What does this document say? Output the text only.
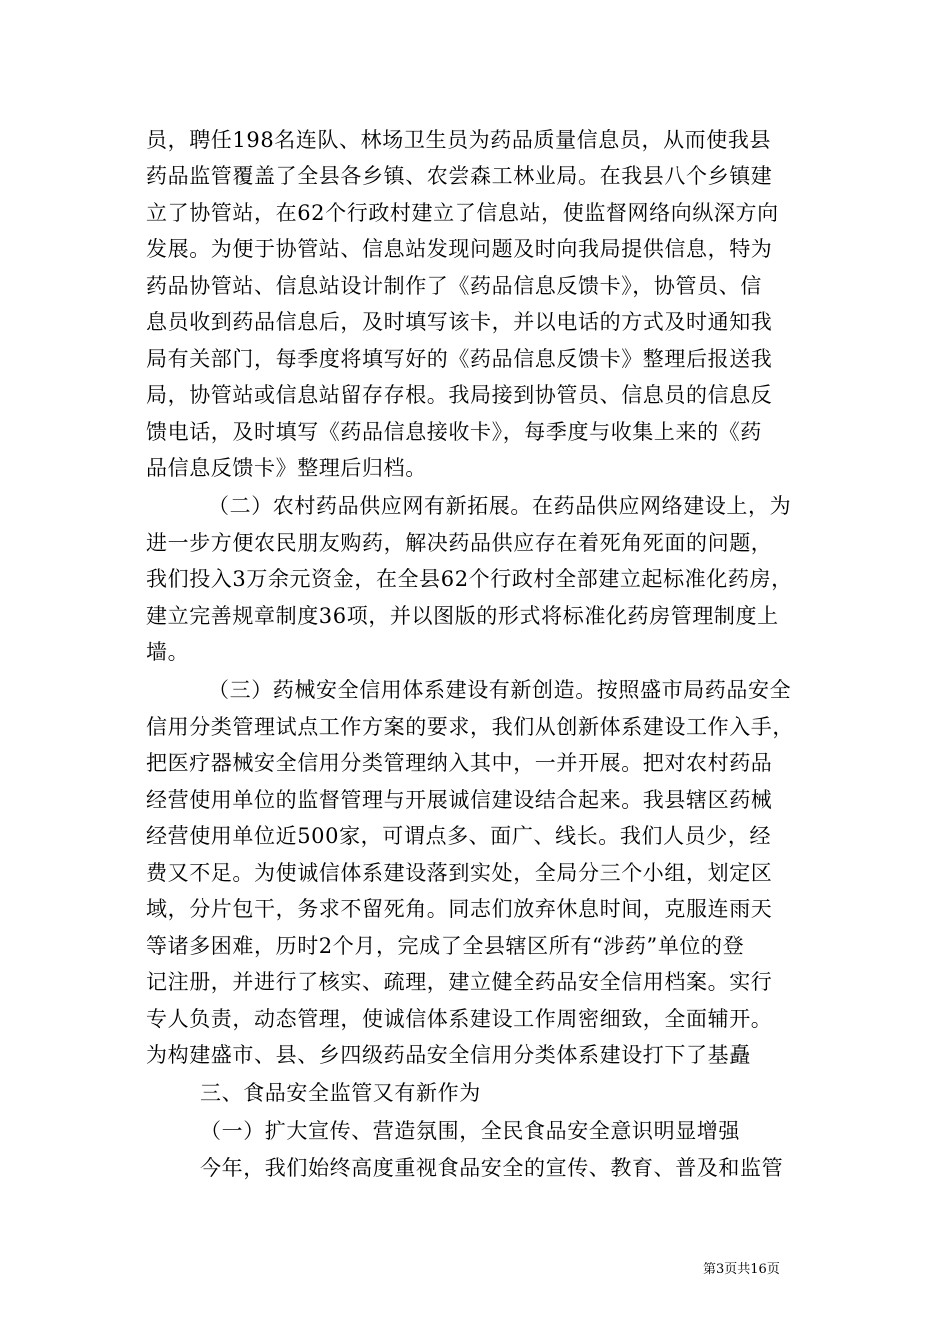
员，聘任198名连队、林场卫生员为药品质量信息员，从而使我县
药品监管覆盖了全县各乡镇、农尝森工林业局。在我县八个乡镇建
立了协管站，在62个行政村建立了信息站，使监督网络向纵深方向
发展。为便于协管站、信息站发现问题及时向我局提供信息，特为
药品协管站、信息站设计制作了《药品信息反馈卡》，协管员、信
息员收到药品信息后，及时填写该卡，并以电话的方式及时通知我
局有关部门，每季度将填写好的《药品信息反馈卡》整理后报送我
局，协管站或信息站留存存根。我局接到协管员、信息员的信息反
馈电话，及时填写《药品信息接收卡》，每季度与收集上来的《药
品信息反馈卡》整理后归档。
（二）农村药品供应网有新拓展。在药品供应网络建设上，为
进一步方便农民朋友购药，解决药品供应存在着死角死面的问题，
我们投入3万余元资金，在全县62个行政村全部建立起标准化药房，
建立完善规章制度36项，并以图版的形式将标准化药房管理制度上
墙。
（三）药械安全信用体系建设有新创造。按照盛市局药品安全
信用分类管理试点工作方案的要求，我们从创新体系建设工作入手，
把医疗器械安全信用分类管理纳入其中，一并开展。把对农村药品
经营使用单位的监督管理与开展诚信建设结合起来。我县辖区药械
经营使用单位近500家，可谓点多、面广、线长。我们人员少，经
费又不足。为使诚信体系建设落到实处，全局分三个小组，划定区
域，分片包干，务求不留死角。同志们放弃休息时间，克服连雨天
等诸多困难，历时2个月，完成了全县辖区所有“涉药”单位的登
记注册，并进行了核实、疏理，建立健全药品安全信用档案。实行
专人负责，动态管理，使诚信体系建设工作周密细致，全面辅开。
为构建盛市、县、乡四级药品安全信用分类体系建设打下了基矗
三、食品安全监管又有新作为
（一）扩大宣传、营造氛围，全民食品安全意识明显增强
今年，我们始终高度重视食品安全的宣传、教育、普及和监管
第3页共16页
